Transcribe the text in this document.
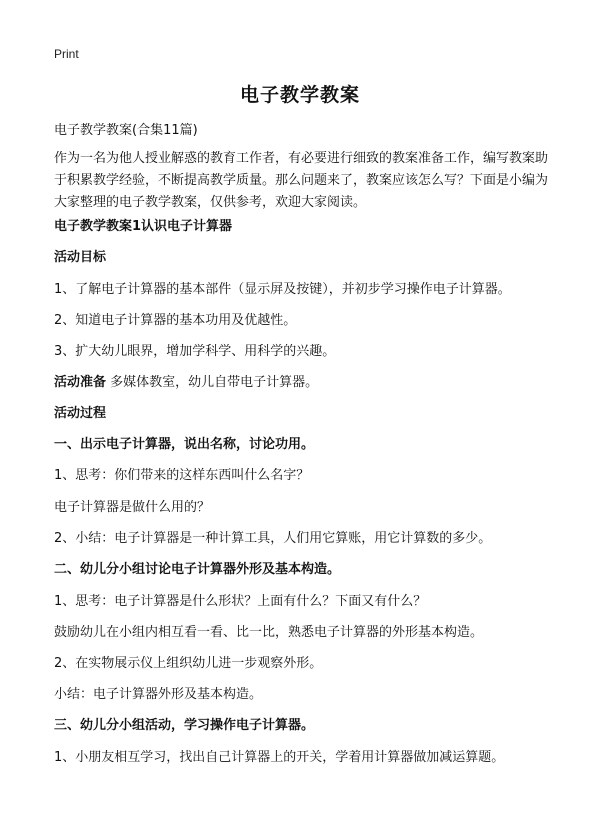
Print
电子教学教案
电子教学教案(合集11篇)
作为一名为他人授业解惑的教育工作者，有必要进行细致的教案准备工作，编写教案助于积累教学经验，不断提高教学质量。那么问题来了，教案应该怎么写？下面是小编为大家整理的电子教学教案，仅供参考，欢迎大家阅读。
电子教学教案1认识电子计算器
活动目标
1、了解电子计算器的基本部件（显示屏及按键），并初步学习操作电子计算器。
2、知道电子计算器的基本功用及优越性。
3、扩大幼儿眼界，增加学科学、用科学的兴趣。
活动准备 多媒体教室，幼儿自带电子计算器。
活动过程
一、出示电子计算器，说出名称，讨论功用。
1、思考：你们带来的这样东西叫什么名字？
电子计算器是做什么用的？
2、小结：电子计算器是一种计算工具，人们用它算账，用它计算数的多少。
二、幼儿分小组讨论电子计算器外形及基本构造。
1、思考：电子计算器是什么形状？上面有什么？下面又有什么？
鼓励幼儿在小组内相互看一看、比一比，熟悉电子计算器的外形基本构造。
2、在实物展示仪上组织幼儿进一步观察外形。
小结：电子计算器外形及基本构造。
三、幼儿分小组活动，学习操作电子计算器。
1、小朋友相互学习，找出自己计算器上的开关，学着用计算器做加减运算题。
